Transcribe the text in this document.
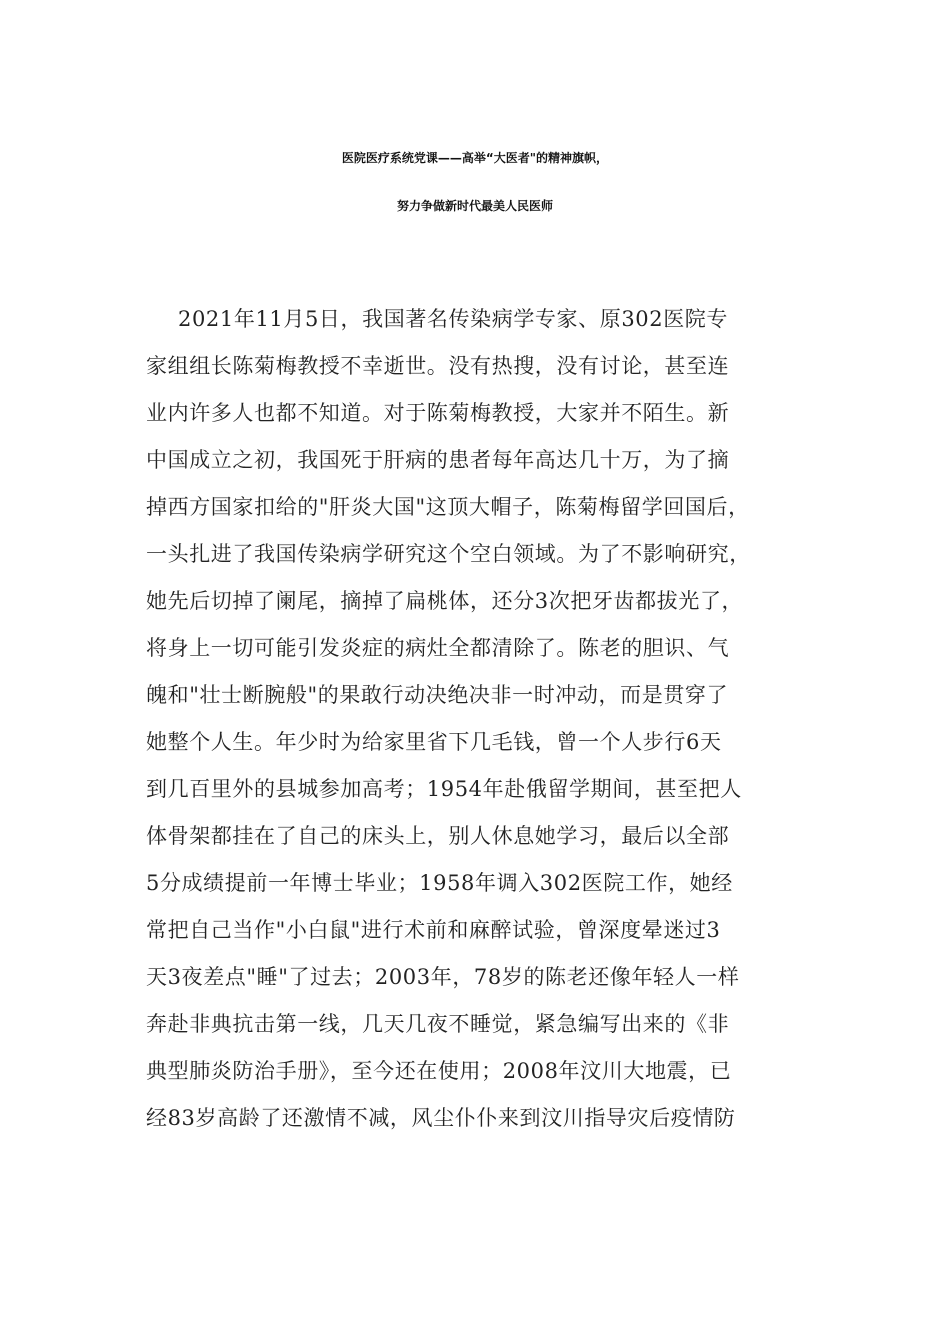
医院医疗系统党课——高举“大医者"的精神旗帜，
努力争做新时代最美人民医师
2021年11月5日，我国著名传染病学专家、原302医院专
家组组长陈菊梅教授不幸逝世。没有热搜，没有讨论，甚至连
业内许多人也都不知道。对于陈菊梅教授，大家并不陌生。新
中国成立之初，我国死于肝病的患者每年高达几十万，为了摘
掉西方国家扣给的"肝炎大国"这顶大帽子，陈菊梅留学回国后，
一头扎进了我国传染病学研究这个空白领域。为了不影响研究，
她先后切掉了阑尾，摘掉了扁桃体，还分3次把牙齿都拔光了，
将身上一切可能引发炎症的病灶全都清除了。陈老的胆识、气
魄和"壮士断腕般"的果敢行动决绝决非一时冲动，而是贯穿了
她整个人生。年少时为给家里省下几毛钱，曾一个人步行6天
到几百里外的县城参加高考；1954年赴俄留学期间，甚至把人
体骨架都挂在了自己的床头上，别人休息她学习，最后以全部
5分成绩提前一年博士毕业；1958年调入302医院工作，她经
常把自己当作"小白鼠"进行术前和麻醉试验，曾深度晕迷过3
天3夜差点"睡"了过去；2003年，78岁的陈老还像年轻人一样
奔赴非典抗击第一线，几天几夜不睡觉，紧急编写出来的《非
典型肺炎防治手册》，至今还在使用；2008年汶川大地震，已
经83岁高龄了还激情不减，风尘仆仆来到汶川指导灾后疫情防
